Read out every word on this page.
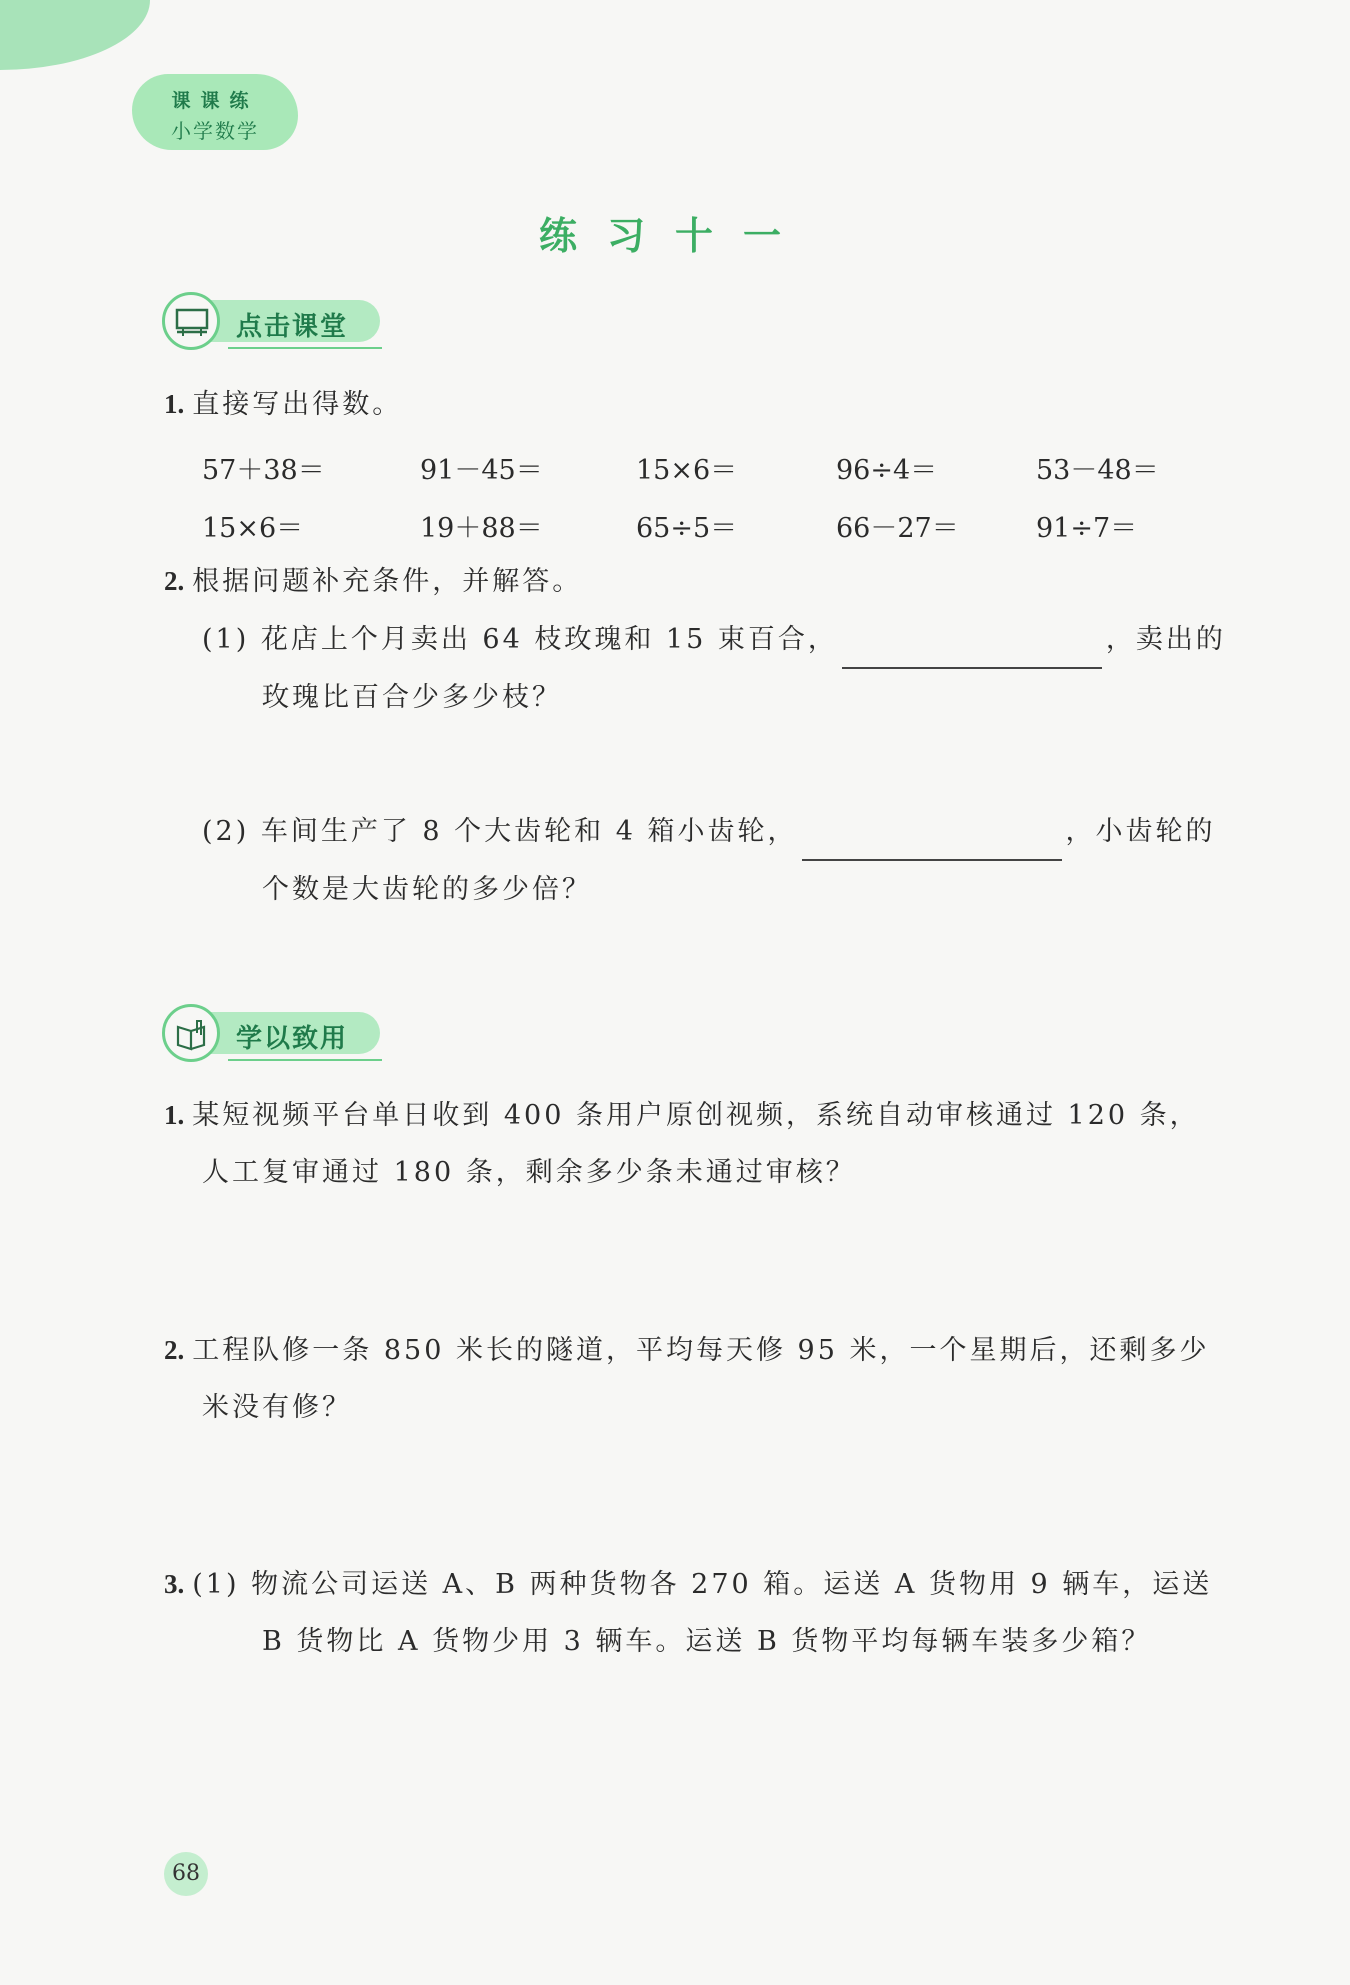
课课练
小学数学
练习十一
点击课堂
1. 直接写出得数。
57＋38＝	91－45＝	15×6＝	96÷4＝	53－48＝
15×6＝	19＋88＝	65÷5＝	66－27＝	91÷7＝
2. 根据问题补充条件，并解答。
(1) 花店上个月卖出 64 枝玫瑰和 15 束百合，	，卖出的
玫瑰比百合少多少枝？
(2) 车间生产了 8 个大齿轮和 4 箱小齿轮，	，小齿轮的
个数是大齿轮的多少倍？
学以致用
1. 某短视频平台单日收到 400 条用户原创视频，系统自动审核通过 120 条，
人工复审通过 180 条，剩余多少条未通过审核？
2. 工程队修一条 850 米长的隧道，平均每天修 95 米，一个星期后，还剩多少
米没有修？
3. (1) 物流公司运送 A、B 两种货物各 270 箱。运送 A 货物用 9 辆车，运送
B 货物比 A 货物少用 3 辆车。运送 B 货物平均每辆车装多少箱？
68
